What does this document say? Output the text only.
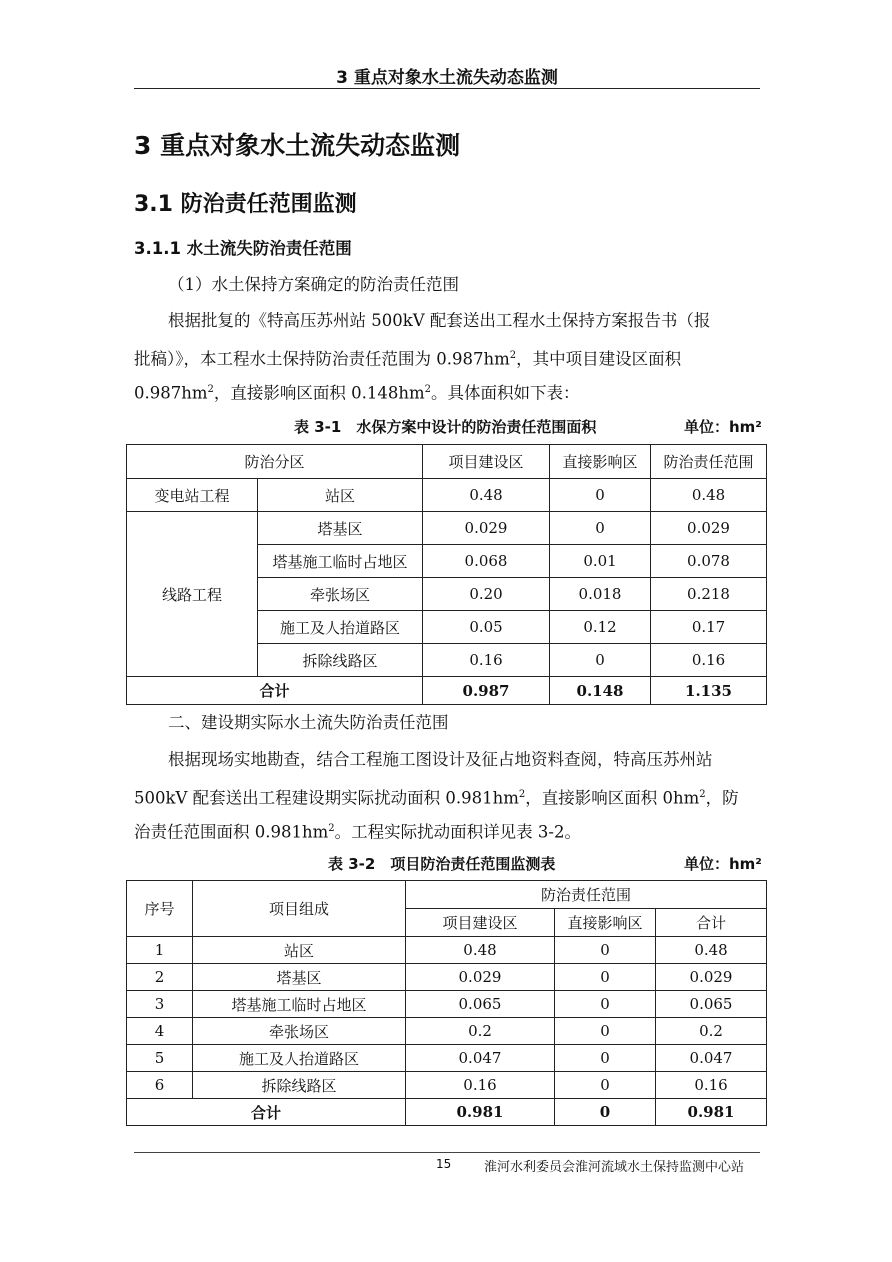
3 重点对象水土流失动态监测
3 重点对象水土流失动态监测
3.1 防治责任范围监测
3.1.1 水土流失防治责任范围
（1）水土保持方案确定的防治责任范围
根据批复的《特高压苏州站 500kV 配套送出工程水土保持方案报告书（报
批稿）》，本工程水土保持防治责任范围为 $0.987hm^2$，其中项目建设区面积
$0.987hm^2$，直接影响区面积 $0.148hm^2$。具体面积如下表：
表 3-1　水保方案中设计的防治责任范围面积	单位：hm²
防治分区		项目建设区	直接影响区	防治责任范围
变电站工程	站区	0.48	0	0.48
线路工程	塔基区	0.029	0	0.029
	塔基施工临时占地区	0.068	0.01	0.078
	牵张场区	0.20	0.018	0.218
	施工及人抬道路区	0.05	0.12	0.17
	拆除线路区	0.16	0	0.16
合计		0.987	0.148	1.135
二、建设期实际水土流失防治责任范围
根据现场实地勘查，结合工程施工图设计及征占地资料查阅，特高压苏州站
500kV 配套送出工程建设期实际扰动面积 $0.981hm^2$，直接影响区面积 $0hm^2$，防
治责任范围面积 $0.981hm^2$。工程实际扰动面积详见表 3-2。
表 3-2　项目防治责任范围监测表	单位：hm²
序号	项目组成	防治责任范围		
		项目建设区	直接影响区	合计
1	站区	0.48	0	0.48
2	塔基区	0.029	0	0.029
3	塔基施工临时占地区	0.065	0	0.065
4	牵张场区	0.2	0	0.2
5	施工及人抬道路区	0.047	0	0.047
6	拆除线路区	0.16	0	0.16
合计		0.981	0	0.981
15	淮河水利委员会淮河流域水土保持监测中心站
